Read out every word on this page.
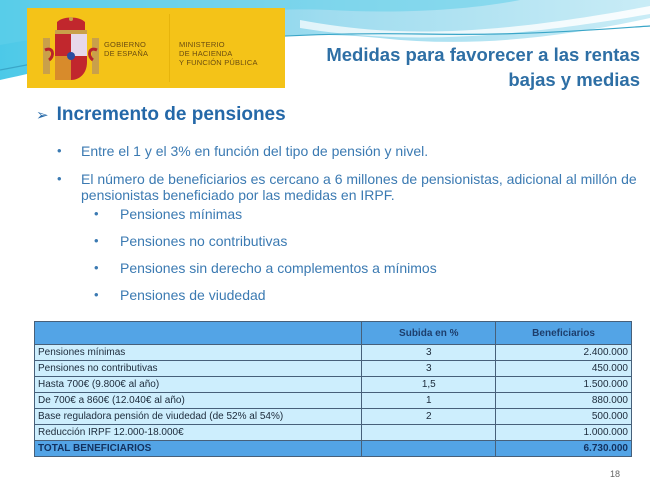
GOBIERNO
DE ESPAÑA
MINISTERIO
DE HACIENDA
Y FUNCIÓN PÚBLICA	Medidas para favorecer a las rentas
bajas y medias
➢ Incremento de pensiones
• Entre el 1 y el 3% en función del tipo de pensión y nivel.
• El número de beneficiarios es cercano a 6 millones de pensionistas, adicional al millón de pensionistas beneficiado por las medidas en IRPF.
• Pensiones mínimas
• Pensiones no contributivas
• Pensiones sin derecho a complementos a mínimos
• Pensiones de viudedad
	Subida en %	Beneficiarios
Pensiones mínimas	3	2.400.000
Pensiones no contributivas	3	450.000
Hasta 700€ (9.800€ al año)	1,5	1.500.000
De 700€ a 860€ (12.040€ al año)	1	880.000
Base reguladora pensión de viudedad (de 52% al 54%)	2	500.000
Reducción IRPF 12.000-18.000€		1.000.000
TOTAL BENEFICIARIOS		6.730.000
18
